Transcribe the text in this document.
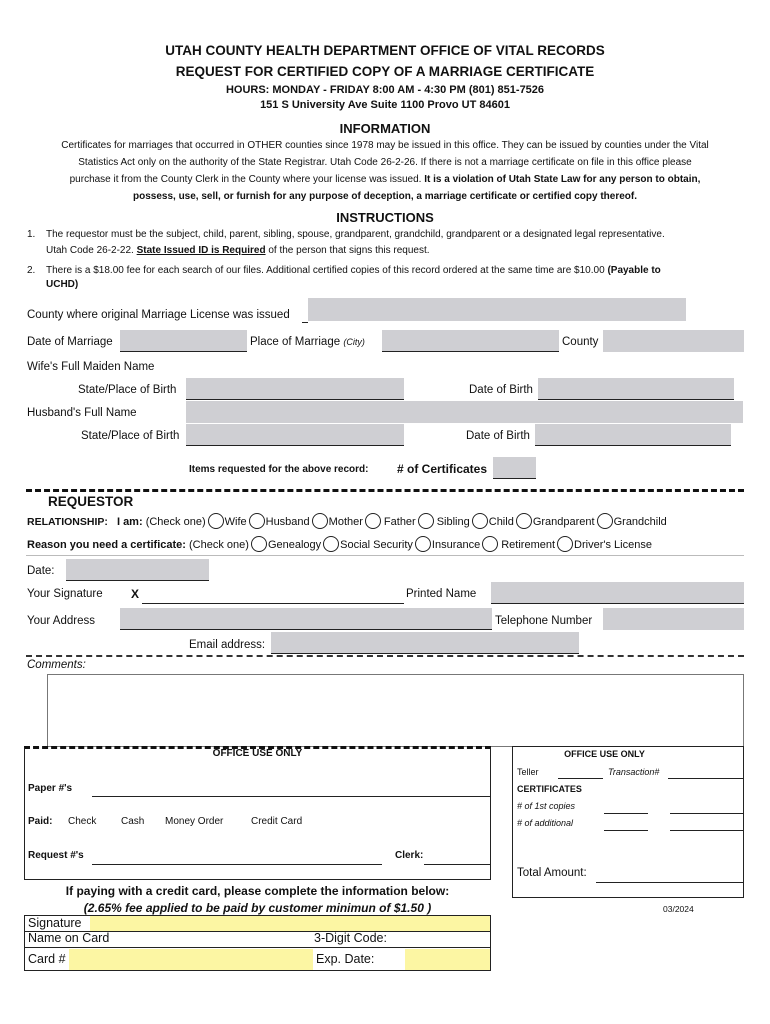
UTAH COUNTY HEALTH DEPARTMENT OFFICE OF VITAL RECORDS
REQUEST FOR CERTIFIED COPY OF A MARRIAGE CERTIFICATE
HOURS: MONDAY - FRIDAY 8:00 AM - 4:30 PM (801) 851-7526
151 S University Ave Suite 1100 Provo UT 84601
INFORMATION
Certificates for marriages that occurred in OTHER counties since 1978 may be issued in this office. They can be issued by counties under the Vital
Statistics Act only on the authority of the State Registrar. Utah Code 26-2-26. If there is not a marriage certificate on file in this office please
purchase it from the County Clerk in the County where your license was issued. It is a violation of Utah State Law for any person to obtain,
possess, use, sell, or furnish for any purpose of deception, a marriage certificate or certified copy thereof.
INSTRUCTIONS
1. The requestor must be the subject, child, parent, sibling, spouse, grandparent, grandchild, grandparent or a designated legal representative.
Utah Code 26-2-22. State Issued ID is Required of the person that signs this request.
2. There is a $18.00 fee for each search of our files. Additional certified copies of this record ordered at the same time are $10.00 (Payable to
UCHD)
County where original Marriage License was issued
Date of Marriage	Place of Marriage (City)	County
Wife's Full Maiden Name
State/Place of Birth	Date of Birth
Husband's Full Name
State/Place of Birth	Date of Birth
Items requested for the above record: # of Certificates
REQUESTOR
RELATIONSHIP: I am: (Check one) Wife Husband Mother Father Sibling Child Grandparent Grandchild
Reason you need a certificate: (Check one) Genealogy Social Security Insurance Retirement Driver's License
Date:
Your Signature X	Printed Name
Your Address	Telephone Number
Email address:
Comments:
OFFICE USE ONLY
Paper #'s
Paid: Check Cash Money Order	Credit Card
Request #'s	Clerk:
OFFICE USE ONLY
Teller	Transaction#
CERTIFICATES
# of 1st copies
# of additional
Total Amount:
03/2024
If paying with a credit card, please complete the information below:
(2.65% fee applied to be paid by customer minimun of $1.50 )
Signature
Name on Card	3-Digit Code:
Card #	Exp. Date:
